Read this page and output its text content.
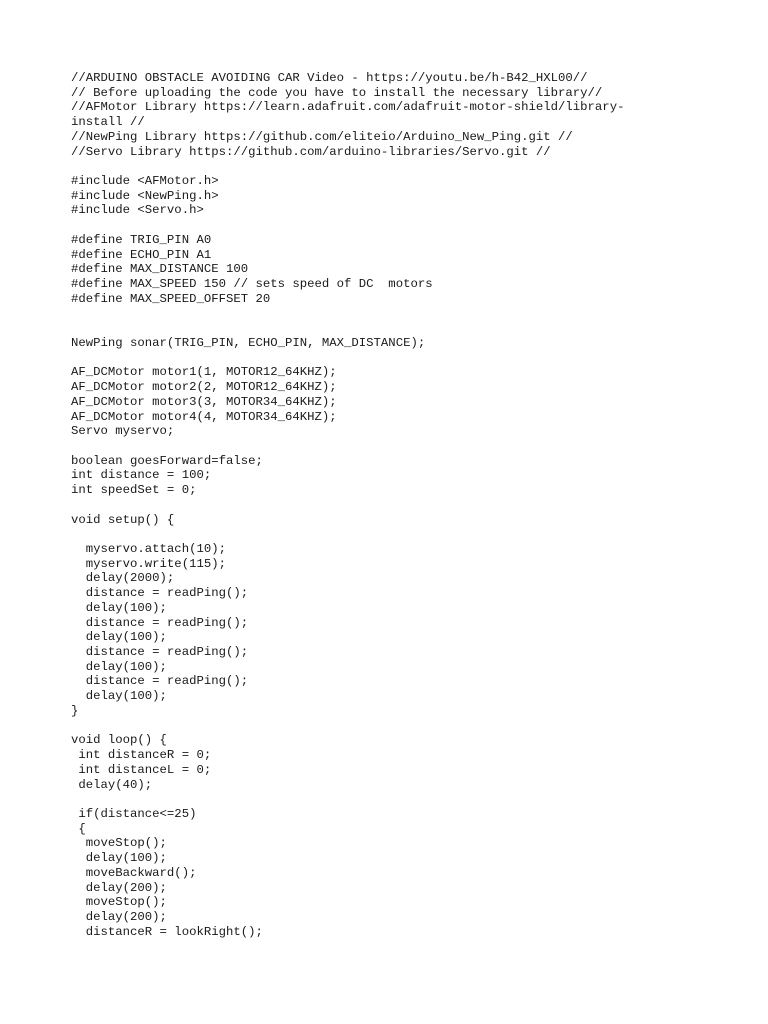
//ARDUINO OBSTACLE AVOIDING CAR Video - https://youtu.be/h-B42_HXL00//
// Before uploading the code you have to install the necessary library//
//AFMotor Library https://learn.adafruit.com/adafruit-motor-shield/library-
install //
//NewPing Library https://github.com/eliteio/Arduino_New_Ping.git //
//Servo Library https://github.com/arduino-libraries/Servo.git //
#include <AFMotor.h>
#include <NewPing.h>
#include <Servo.h>
#define TRIG_PIN A0
#define ECHO_PIN A1
#define MAX_DISTANCE 100
#define MAX_SPEED 150 // sets speed of DC  motors
#define MAX_SPEED_OFFSET 20
NewPing sonar(TRIG_PIN, ECHO_PIN, MAX_DISTANCE);
AF_DCMotor motor1(1, MOTOR12_64KHZ);
AF_DCMotor motor2(2, MOTOR12_64KHZ);
AF_DCMotor motor3(3, MOTOR34_64KHZ);
AF_DCMotor motor4(4, MOTOR34_64KHZ);
Servo myservo;
boolean goesForward=false;
int distance = 100;
int speedSet = 0;
void setup() {
myservo.attach(10);
myservo.write(115);
delay(2000);
distance = readPing();
delay(100);
distance = readPing();
delay(100);
distance = readPing();
delay(100);
distance = readPing();
delay(100);
}
void loop() {
int distanceR = 0;
int distanceL = 0;
delay(40);
if(distance<=25)
{
moveStop();
delay(100);
moveBackward();
delay(200);
moveStop();
delay(200);
distanceR = lookRight();
